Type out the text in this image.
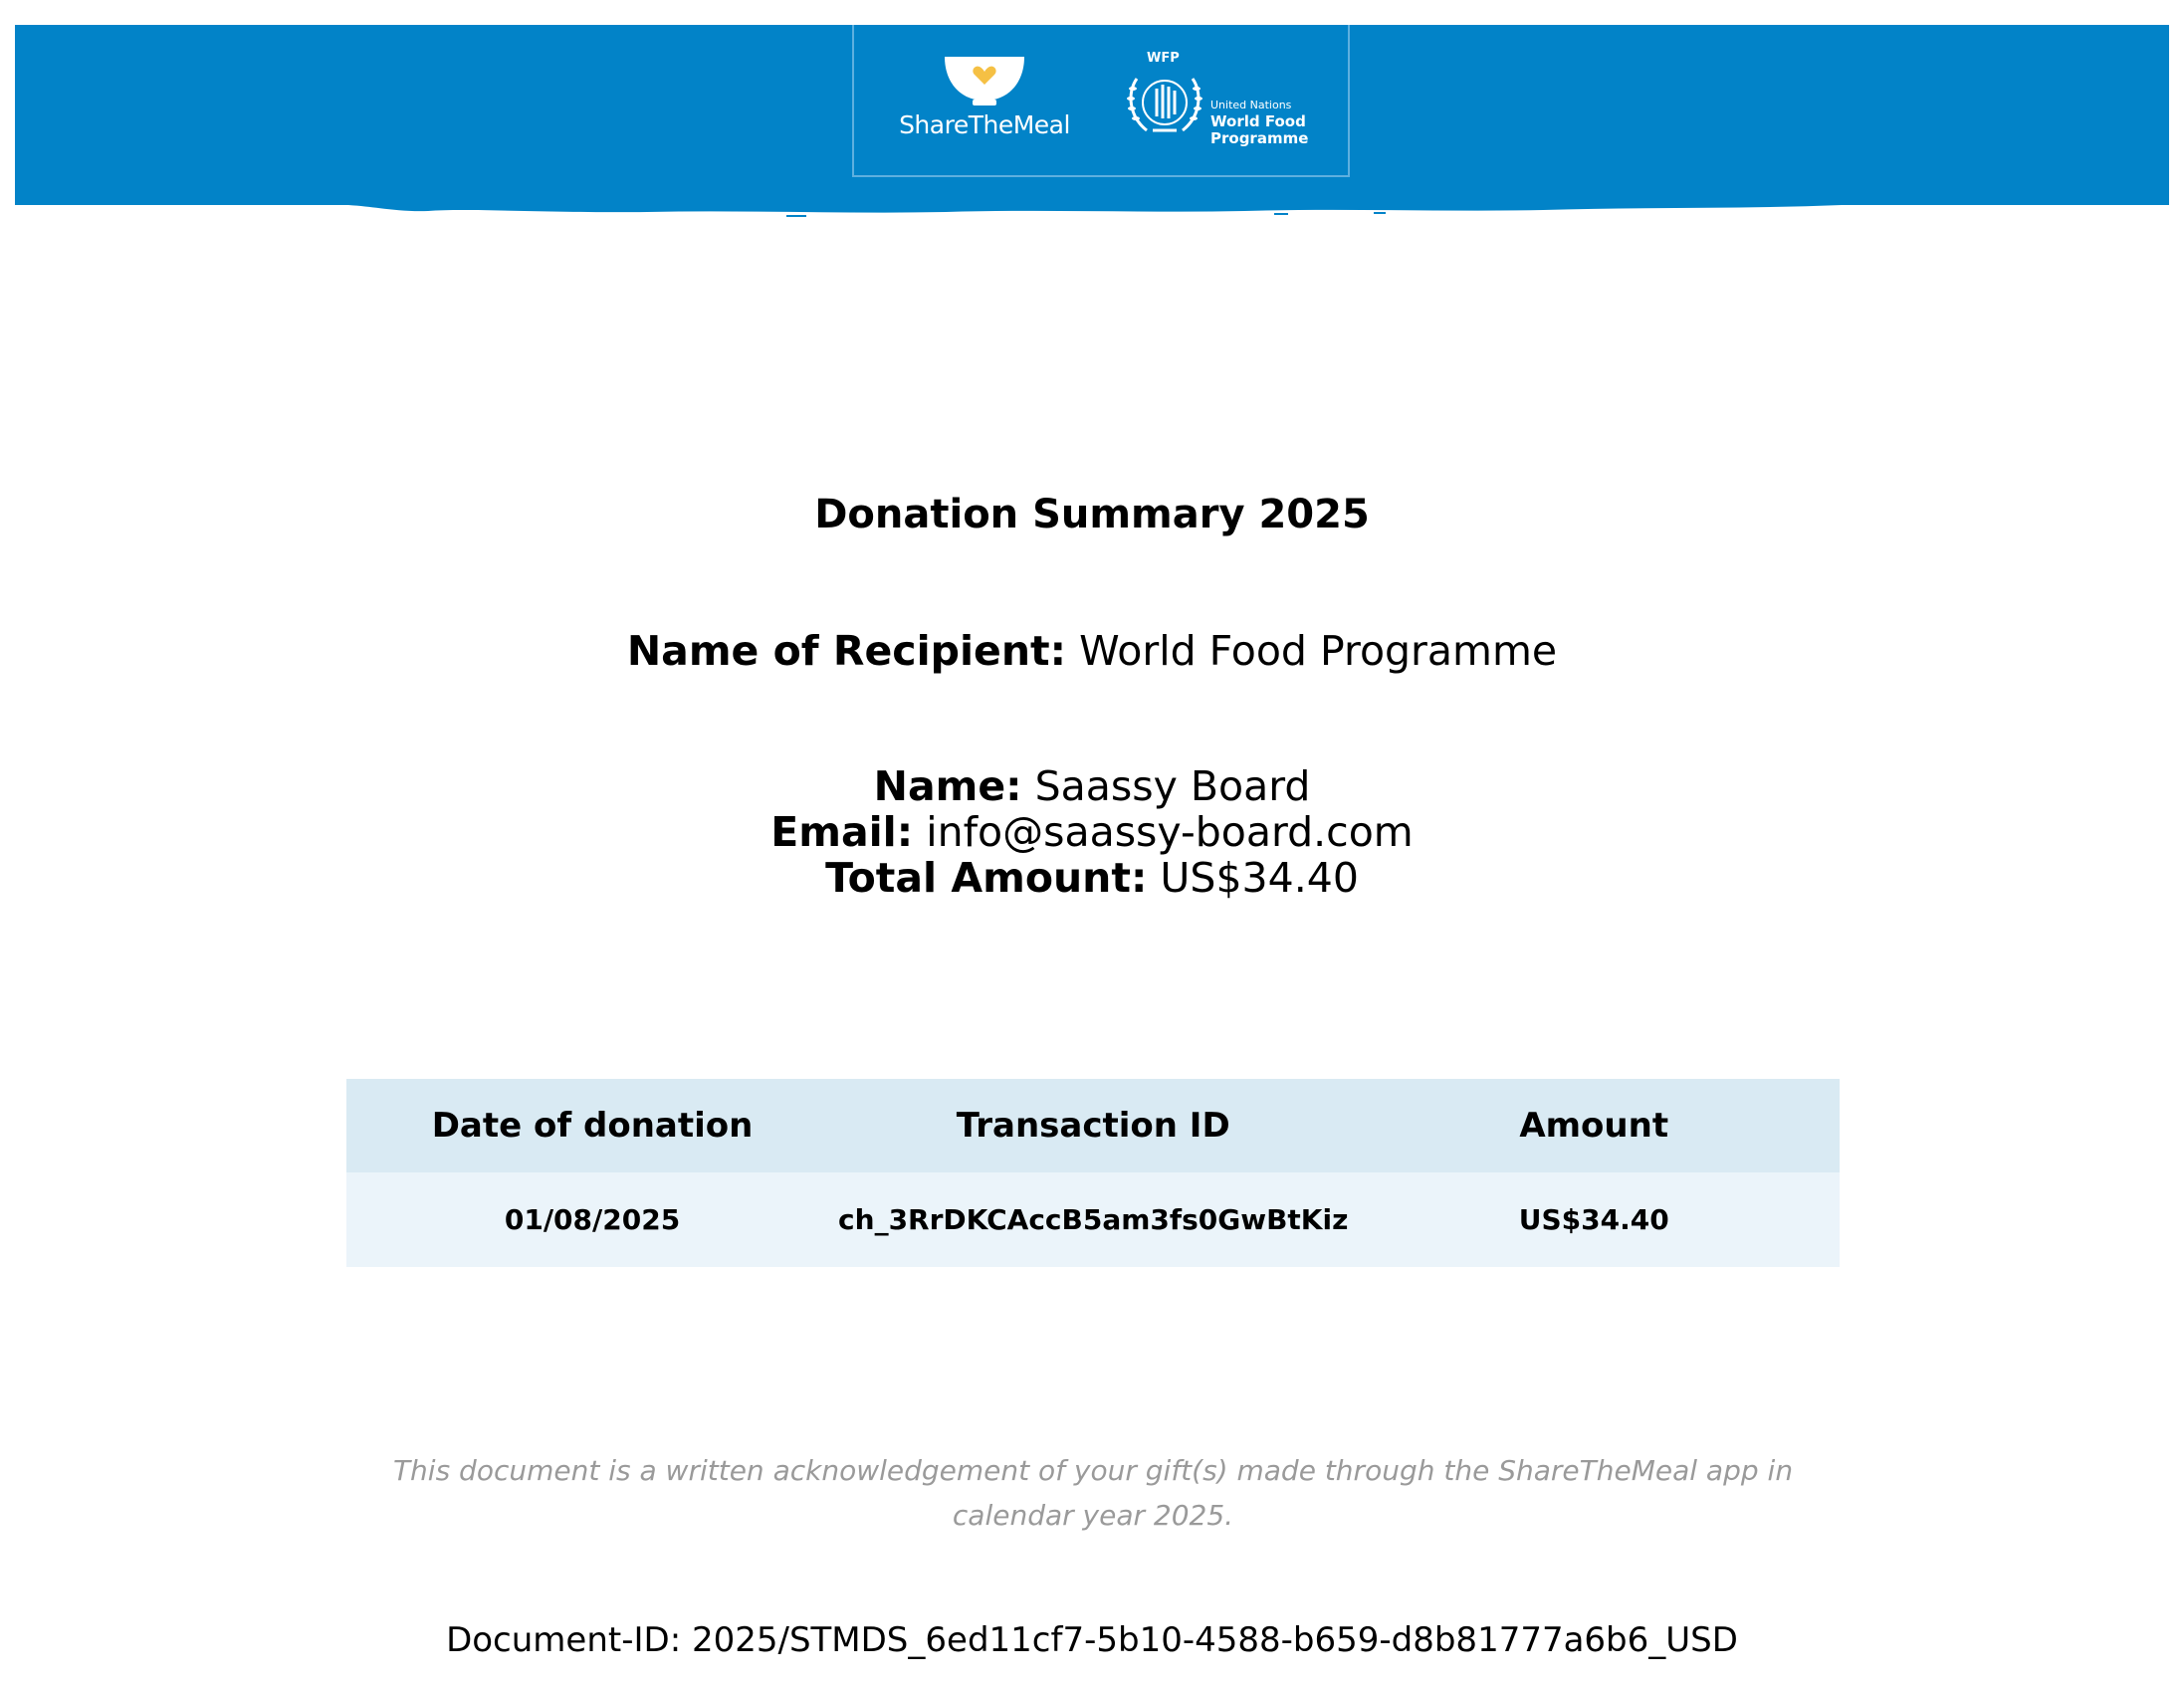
ShareTheMeal
WFP
United Nations
World Food
Programme
Donation Summary 2025
Name of Recipient: World Food Programme
Name: Saassy Board
Email: info@saassy-board.com
Total Amount: US$34.40
Date of donation	Transaction ID	Amount
01/08/2025	ch_3RrDKCAccB5am3fs0GwBtKiz	US$34.40
This document is a written acknowledgement of your gift(s) made through the ShareTheMeal app in calendar year 2025.
Document-ID: 2025/STMDS_6ed11cf7-5b10-4588-b659-d8b81777a6b6_USD
